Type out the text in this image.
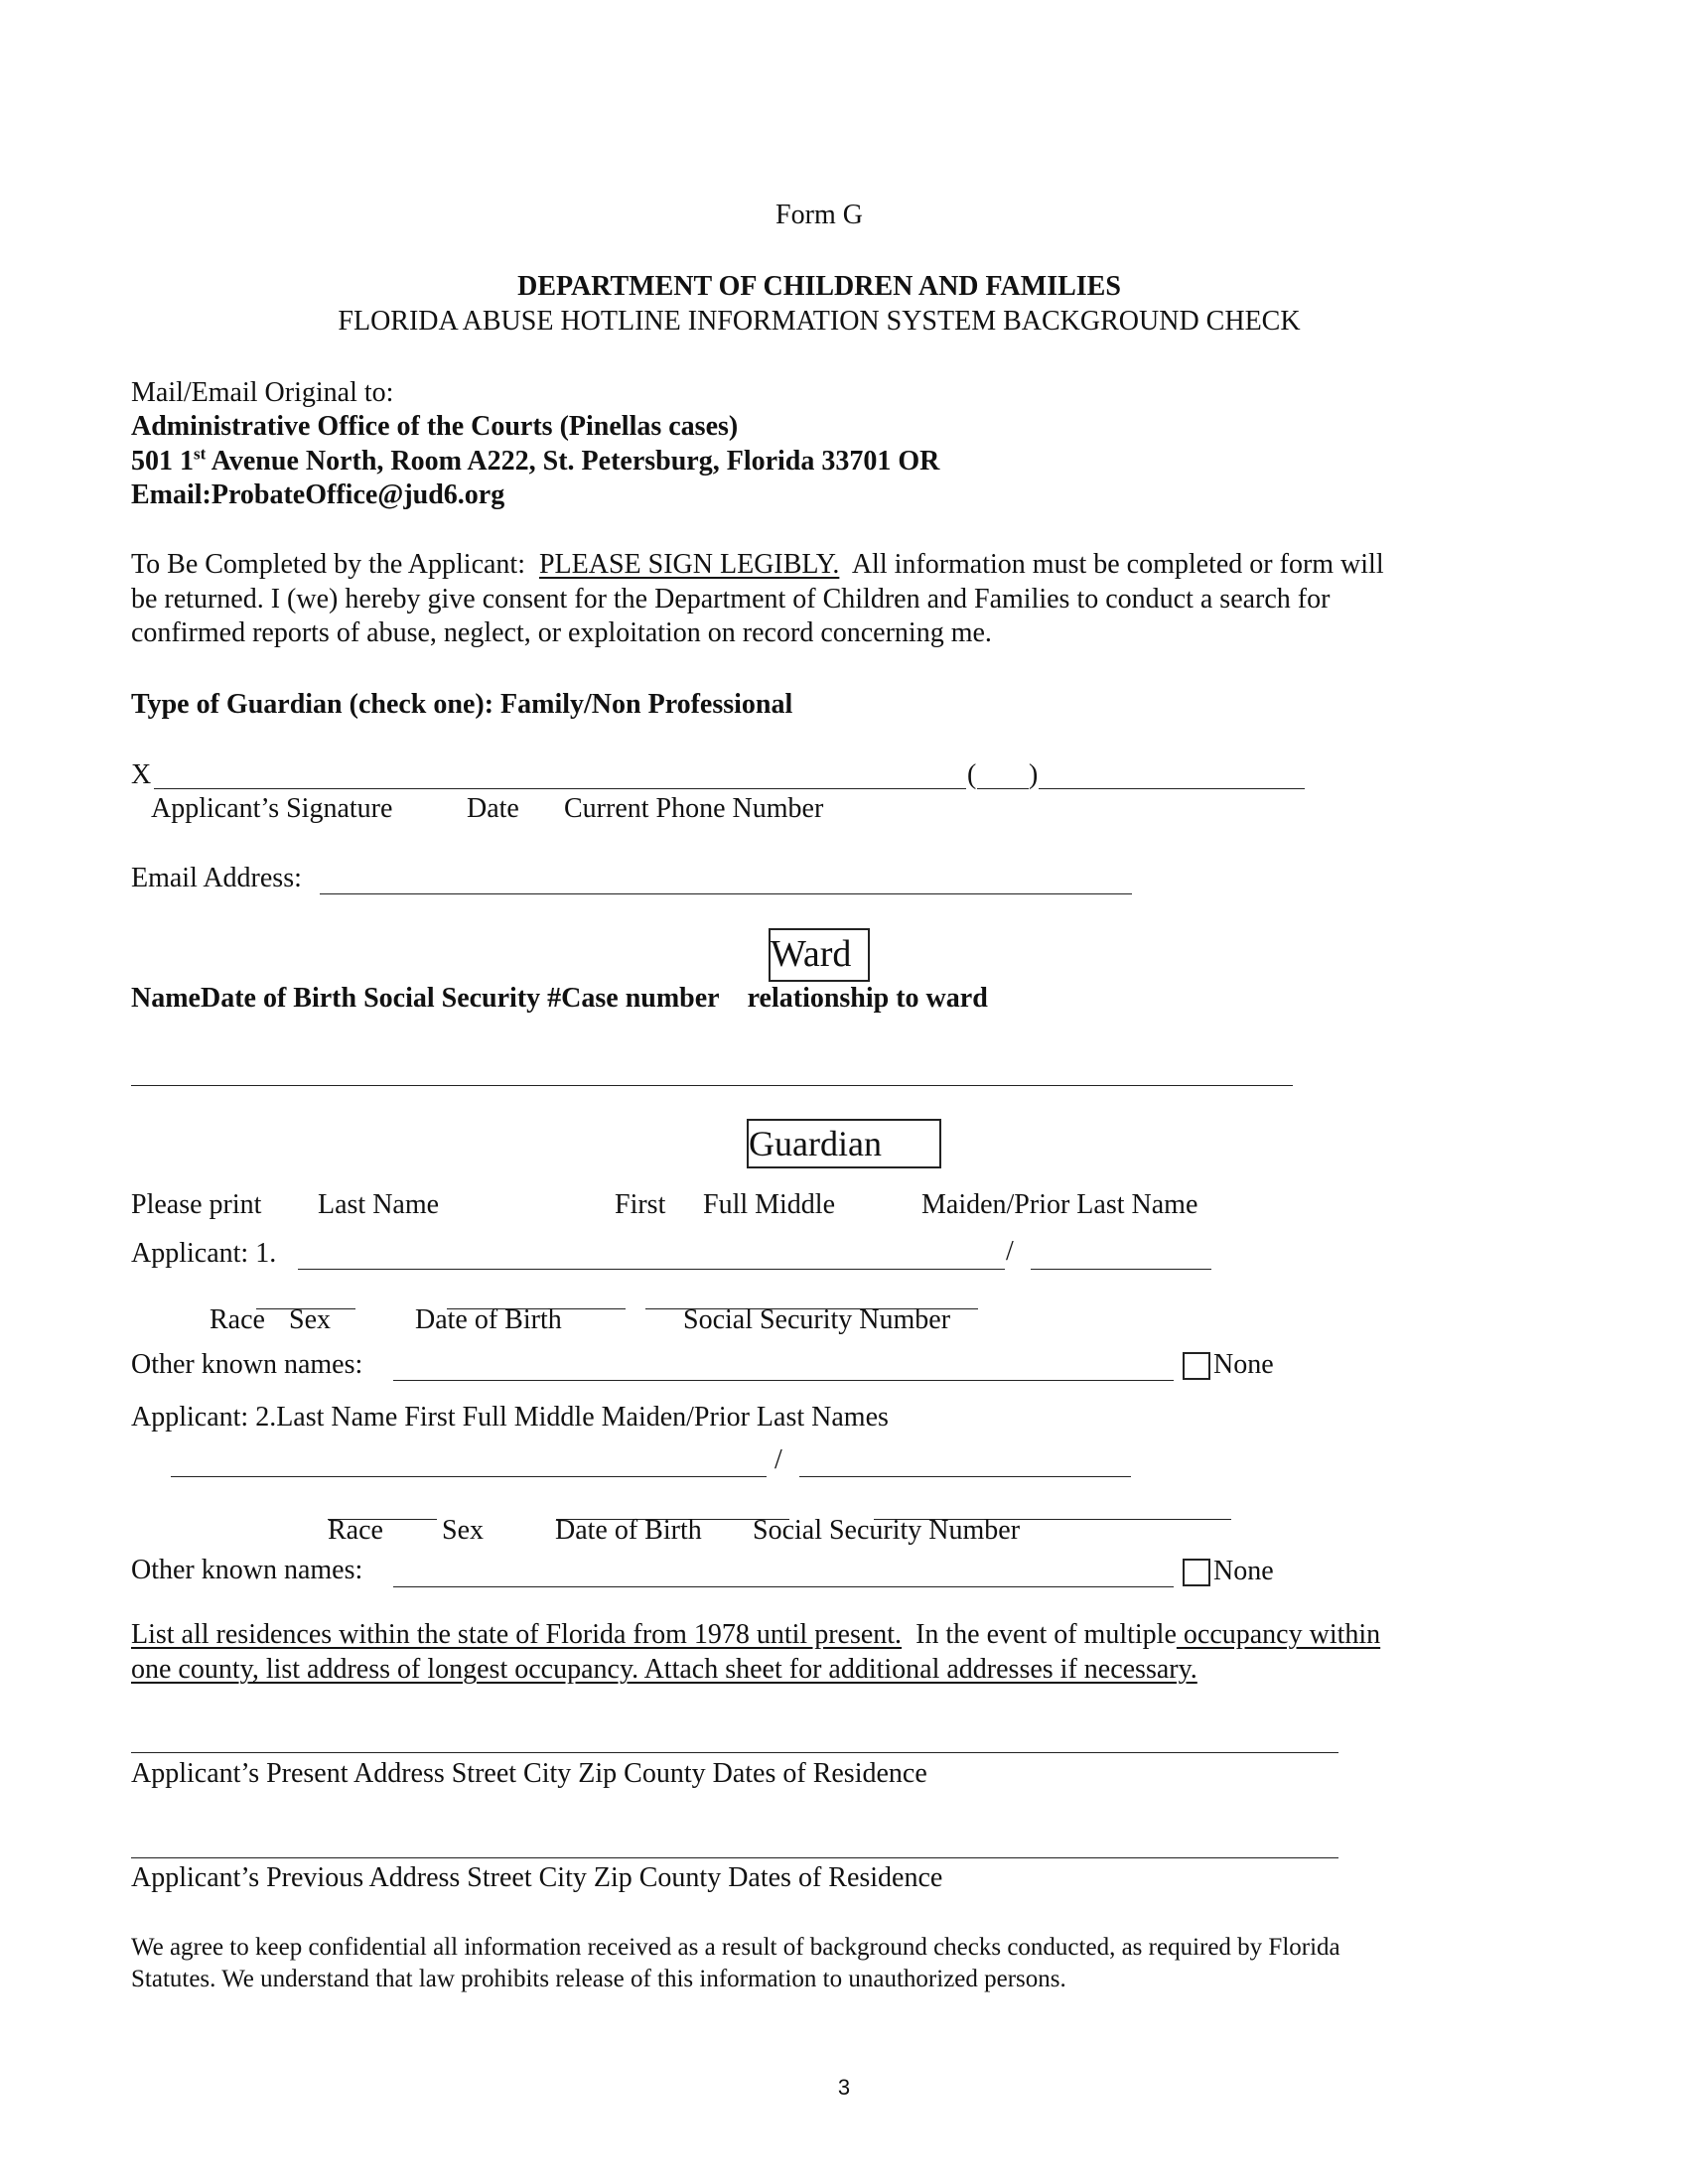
Form G
DEPARTMENT OF CHILDREN AND FAMILIES
FLORIDA ABUSE HOTLINE INFORMATION SYSTEM BACKGROUND CHECK
Mail/Email Original to:
Administrative Office of the Courts (Pinellas cases)
501 1st Avenue North, Room A222, St. Petersburg, Florida 33701 OR
Email:ProbateOffice@jud6.org
To Be Completed by the Applicant: PLEASE SIGN LEGIBLY. All information must be completed or form will
be returned. I (we) hereby give consent for the Department of Children and Families to conduct a search for
confirmed reports of abuse, neglect, or exploitation on record concerning me.
Type of Guardian (check one): Family/Non Professional
X	( )
Applicant’s Signature	Date Current Phone Number
Email Address:
Ward
NameDate of Birth Social Security #Case number relationship to ward
Guardian
Please print Last Name	First Full Middle	Maiden/Prior Last Name
Applicant: 1.	/
Race Sex	Date of Birth	Social Security Number
Other known names:	None
Applicant: 2.Last Name First Full Middle Maiden/Prior Last Names
/
Race Sex	Date of Birth Social Security Number
Other known names:	None
List all residences within the state of Florida from 1978 until present. In the event of multiple occupancy within
one county, list address of longest occupancy. Attach sheet for additional addresses if necessary.
Applicant’s Present Address Street City Zip County Dates of Residence
Applicant’s Previous Address Street City Zip County Dates of Residence
We agree to keep confidential all information received as a result of background checks conducted, as required by Florida
Statutes. We understand that law prohibits release of this information to unauthorized persons.
3
